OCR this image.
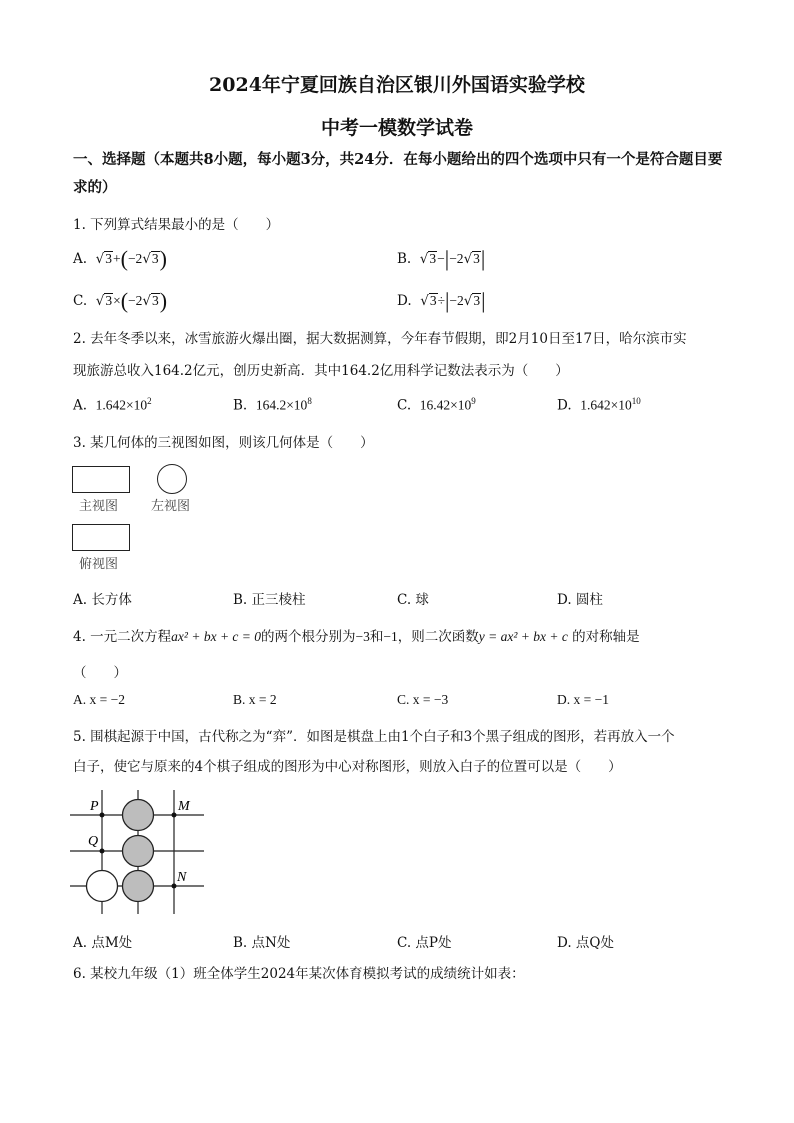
2024年宁夏回族自治区银川外国语实验学校
中考一模数学试卷
一、选择题（本题共8小题，每小题3分，共24分．在每小题给出的四个选项中只有一个是符合题目要求的）
1. 下列算式结果最小的是（　　）
A.  √3+(−2√3)	B.  √3−|−2√3|
C.  √3×(−2√3)	D.  √3÷|−2√3|
2. 去年冬季以来，冰雪旅游火爆出圈，据大数据测算，今年春节假期，即2月10日至17日，哈尔滨市实
现旅游总收入164.2亿元，创历史新高．其中164.2亿用科学记数法表示为（　　）
A. $1.642\times 10^2$	B. $164.2\times 10^8$	C. $16.42\times 10^9$	D. $1.642\times 10^{10}$
3. 某几何体的三视图如图，则该几何体是（　　）
主视图	左视图
俯视图
A. 长方体	B. 正三棱柱	C. 球	D. 圆柱
4. 一元二次方程ax² + bx + c = 0的两个根分别为−3和−1，则二次函数y = ax² + bx + c 的对称轴是
（　　）
A. x = −2	B. x = 2	C. x = −3	D. x = −1
5. 围棋起源于中国，古代称之为“弈”．如图是棋盘上由1个白子和3个黑子组成的图形，若再放入一个
白子，使它与原来的4个棋子组成的图形为中心对称图形，则放入白子的位置可以是（　　）
P
Q
M
N
A. 点M处	B. 点N处	C. 点P处	D. 点Q处
6. 某校九年级（1）班全体学生2024年某次体育模拟考试的成绩统计如表：
